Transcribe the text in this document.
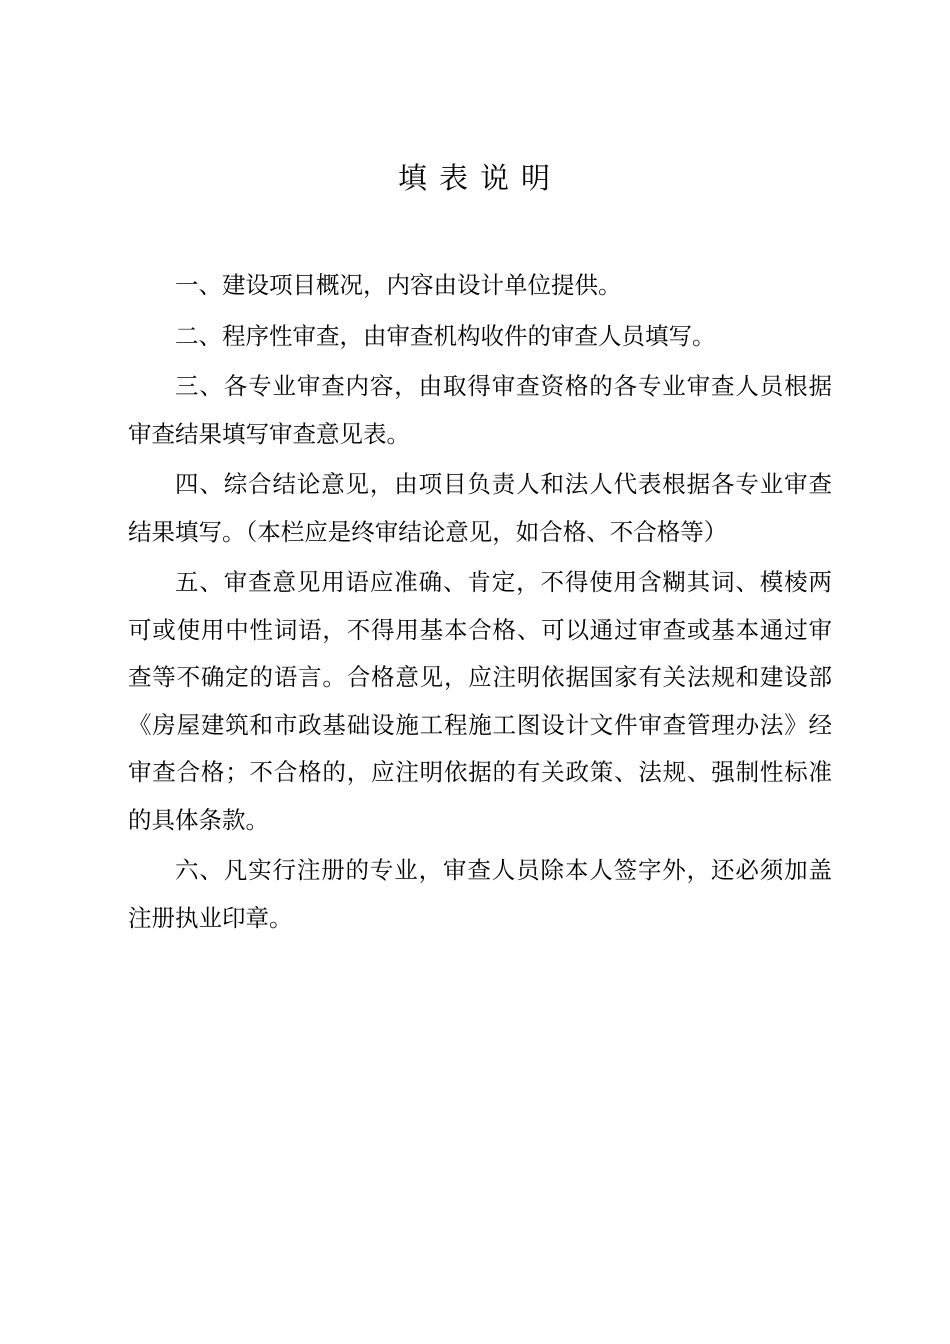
填表说明

一、建设项目概况，内容由设计单位提供。

二、程序性审查，由审查机构收件的审查人员填写。

三、各专业审查内容，由取得审查资格的各专业审查人员根据审查结果填写审查意见表。

四、综合结论意见，由项目负责人和法人代表根据各专业审查结果填写。（本栏应是终审结论意见，如合格、不合格等）

五、审查意见用语应准确、肯定，不得使用含糊其词、模棱两可或使用中性词语，不得用基本合格、可以通过审查或基本通过审查等不确定的语言。合格意见，应注明依据国家有关法规和建设部《房屋建筑和市政基础设施工程施工图设计文件审查管理办法》经审查合格；不合格的，应注明依据的有关政策、法规、强制性标准的具体条款。

六、凡实行注册的专业，审查人员除本人签字外，还必须加盖注册执业印章。
